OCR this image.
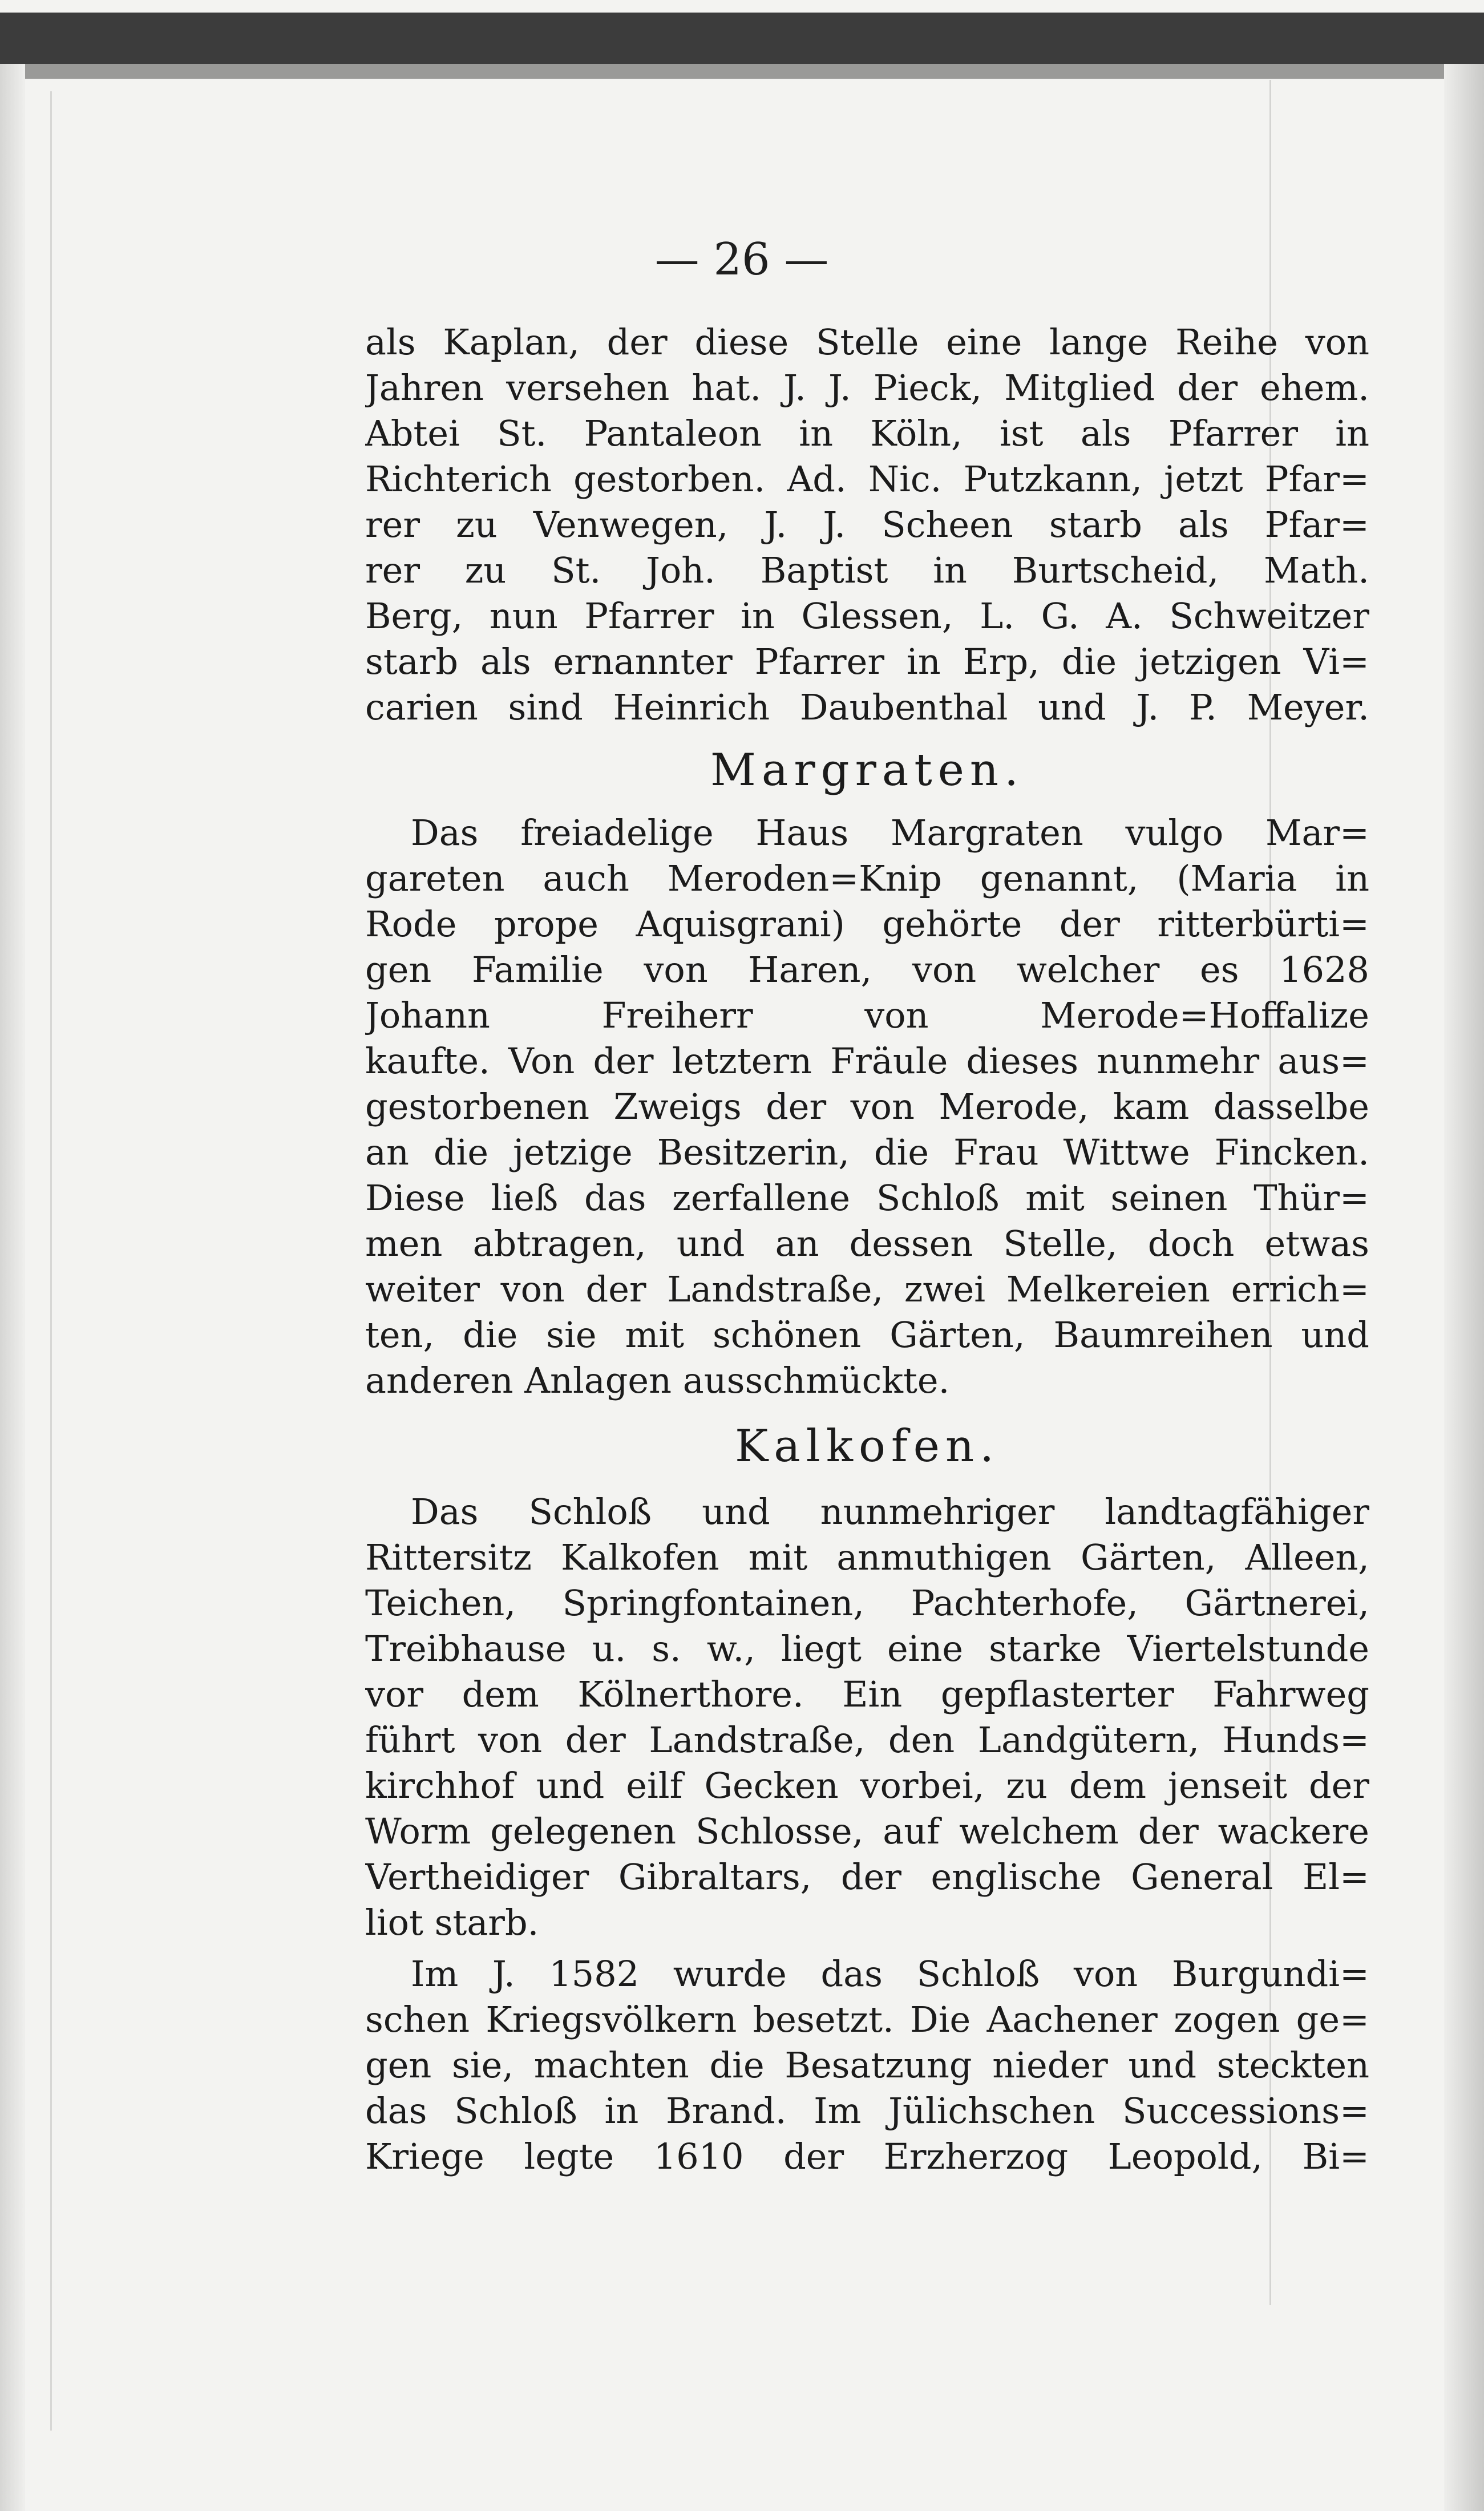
— 26 —
als Kaplan, der diese Stelle eine lange Reihe von
Jahren versehen hat. J. J. Pieck, Mitglied der ehem.
Abtei St. Pantaleon in Köln, ist als Pfarrer in
Richterich gestorben. Ad. Nic. Putzkann, jetzt Pfar=
rer zu Venwegen, J. J. Scheen starb als Pfar=
rer zu St. Joh. Baptist in Burtscheid, Math.
Berg, nun Pfarrer in Glessen, L. G. A. Schweitzer
starb als ernannter Pfarrer in Erp, die jetzigen Vi=
carien sind Heinrich Daubenthal und J. P. Meyer.
Margraten.
Das freiadelige Haus Margraten vulgo Mar=
gareten auch Meroden=Knip genannt, (Maria in
Rode prope Aquisgrani) gehörte der ritterbürti=
gen Familie von Haren, von welcher es 1628
Johann Freiherr von Merode=Hoffalize
kaufte. Von der letztern Fräule dieses nunmehr aus=
gestorbenen Zweigs der von Merode, kam dasselbe
an die jetzige Besitzerin, die Frau Wittwe Fincken.
Diese ließ das zerfallene Schloß mit seinen Thür=
men abtragen, und an dessen Stelle, doch etwas
weiter von der Landstraße, zwei Melkereien errich=
ten, die sie mit schönen Gärten, Baumreihen und
anderen Anlagen ausschmückte.
Kalkofen.
Das Schloß und nunmehriger landtagfähiger
Rittersitz Kalkofen mit anmuthigen Gärten, Alleen,
Teichen, Springfontainen, Pachterhofe, Gärtnerei,
Treibhause u. s. w., liegt eine starke Viertelstunde
vor dem Kölnerthore. Ein gepflasterter Fahrweg
führt von der Landstraße, den Landgütern, Hunds=
kirchhof und eilf Gecken vorbei, zu dem jenseit der
Worm gelegenen Schlosse, auf welchem der wackere
Vertheidiger Gibraltars, der englische General El=
liot starb.
Im J. 1582 wurde das Schloß von Burgundi=
schen Kriegsvölkern besetzt. Die Aachener zogen ge=
gen sie, machten die Besatzung nieder und steckten
das Schloß in Brand. Im Jülichschen Successions=
Kriege legte 1610 der Erzherzog Leopold, Bi=
